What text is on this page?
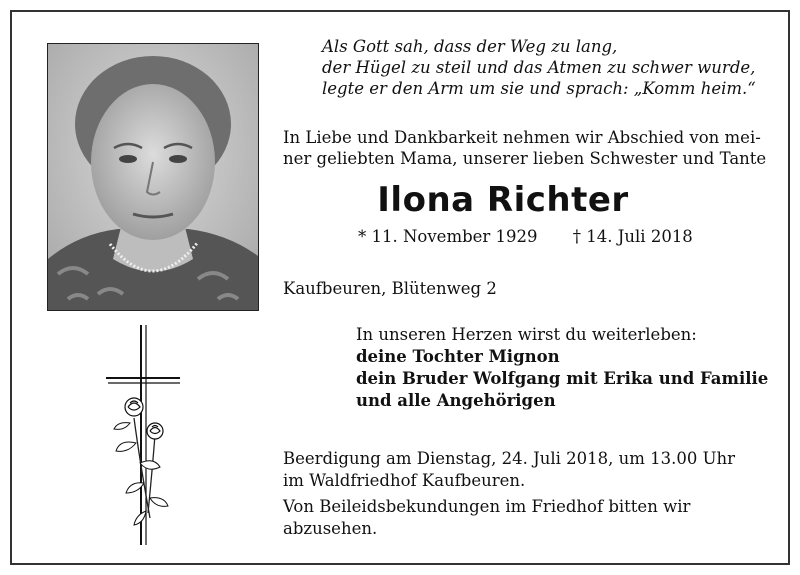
Als Gott sah, dass der Weg zu lang,
der Hügel zu steil und das Atmen zu schwer wurde,
legte er den Arm um sie und sprach: „Komm heim.“
In Liebe und Dankbarkeit nehmen wir Abschied von mei-
ner geliebten Mama, unserer lieben Schwester und Tante
Ilona Richter
* 11. November 1929 † 14. Juli 2018
Kaufbeuren, Blütenweg 2
In unseren Herzen wirst du weiterleben:
deine Tochter Mignon
dein Bruder Wolfgang mit Erika und Familie
und alle Angehörigen
Beerdigung am Dienstag, 24. Juli 2018, um 13.00 Uhr
im Waldfriedhof Kaufbeuren.
Von Beileidsbekundungen im Friedhof bitten wir
abzusehen.
